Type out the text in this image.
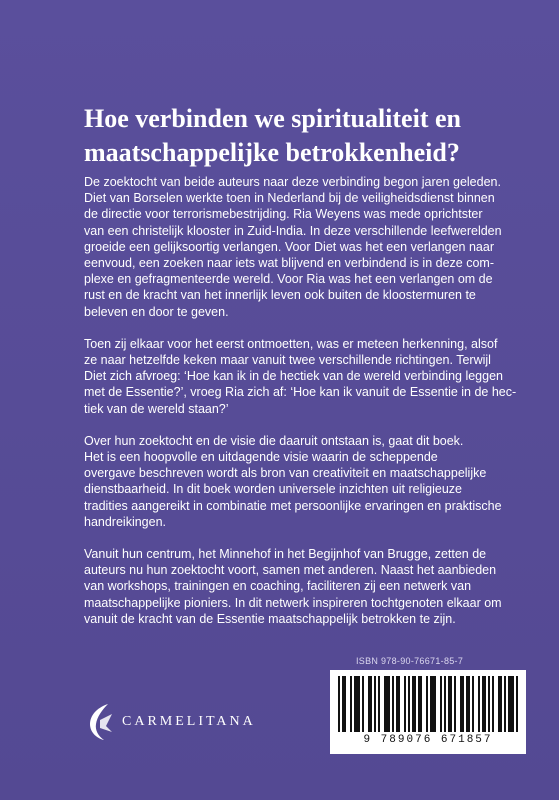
Hoe verbinden we spiritualiteit en
maatschappelijke betrokkenheid?

De zoektocht van beide auteurs naar deze verbinding begon jaren geleden.
Diet van Borselen werkte toen in Nederland bij de veiligheidsdienst binnen
de directie voor terrorismebestrijding. Ria Weyens was mede oprichtster
van een christelijk klooster in Zuid-India. In deze verschillende leefwerelden
groeide een gelijksoortig verlangen. Voor Diet was het een verlangen naar
eenvoud, een zoeken naar iets wat blijvend en verbindend is in deze com-
plexe en gefragmenteerde wereld. Voor Ria was het een verlangen om de
rust en de kracht van het innerlijk leven ook buiten de kloostermuren te
beleven en door te geven.

Toen zij elkaar voor het eerst ontmoetten, was er meteen herkenning, alsof
ze naar hetzelfde keken maar vanuit twee verschillende richtingen. Terwijl
Diet zich afvroeg: ‘Hoe kan ik in de hectiek van de wereld verbinding leggen
met de Essentie?’, vroeg Ria zich af: ‘Hoe kan ik vanuit de Essentie in de hec-
tiek van de wereld staan?’

Over hun zoektocht en de visie die daaruit ontstaan is, gaat dit boek.
Het is een hoopvolle en uitdagende visie waarin de scheppende
overgave beschreven wordt als bron van creativiteit en maatschappelijke
dienstbaarheid. In dit boek worden universele inzichten uit religieuze
tradities aangereikt in combinatie met persoonlijke ervaringen en praktische
handreikingen.

Vanuit hun centrum, het Minnehof in het Begijnhof van Brugge, zetten de
auteurs nu hun zoektocht voort, samen met anderen. Naast het aanbieden
van workshops, trainingen en coaching, faciliteren zij een netwerk van
maatschappelijke pioniers. In dit netwerk inspireren tochtgenoten elkaar om
vanuit de kracht van de Essentie maatschappelijk betrokken te zijn.

CARMELITANA
ISBN 978-90-76671-85-7
9 789076 671857
